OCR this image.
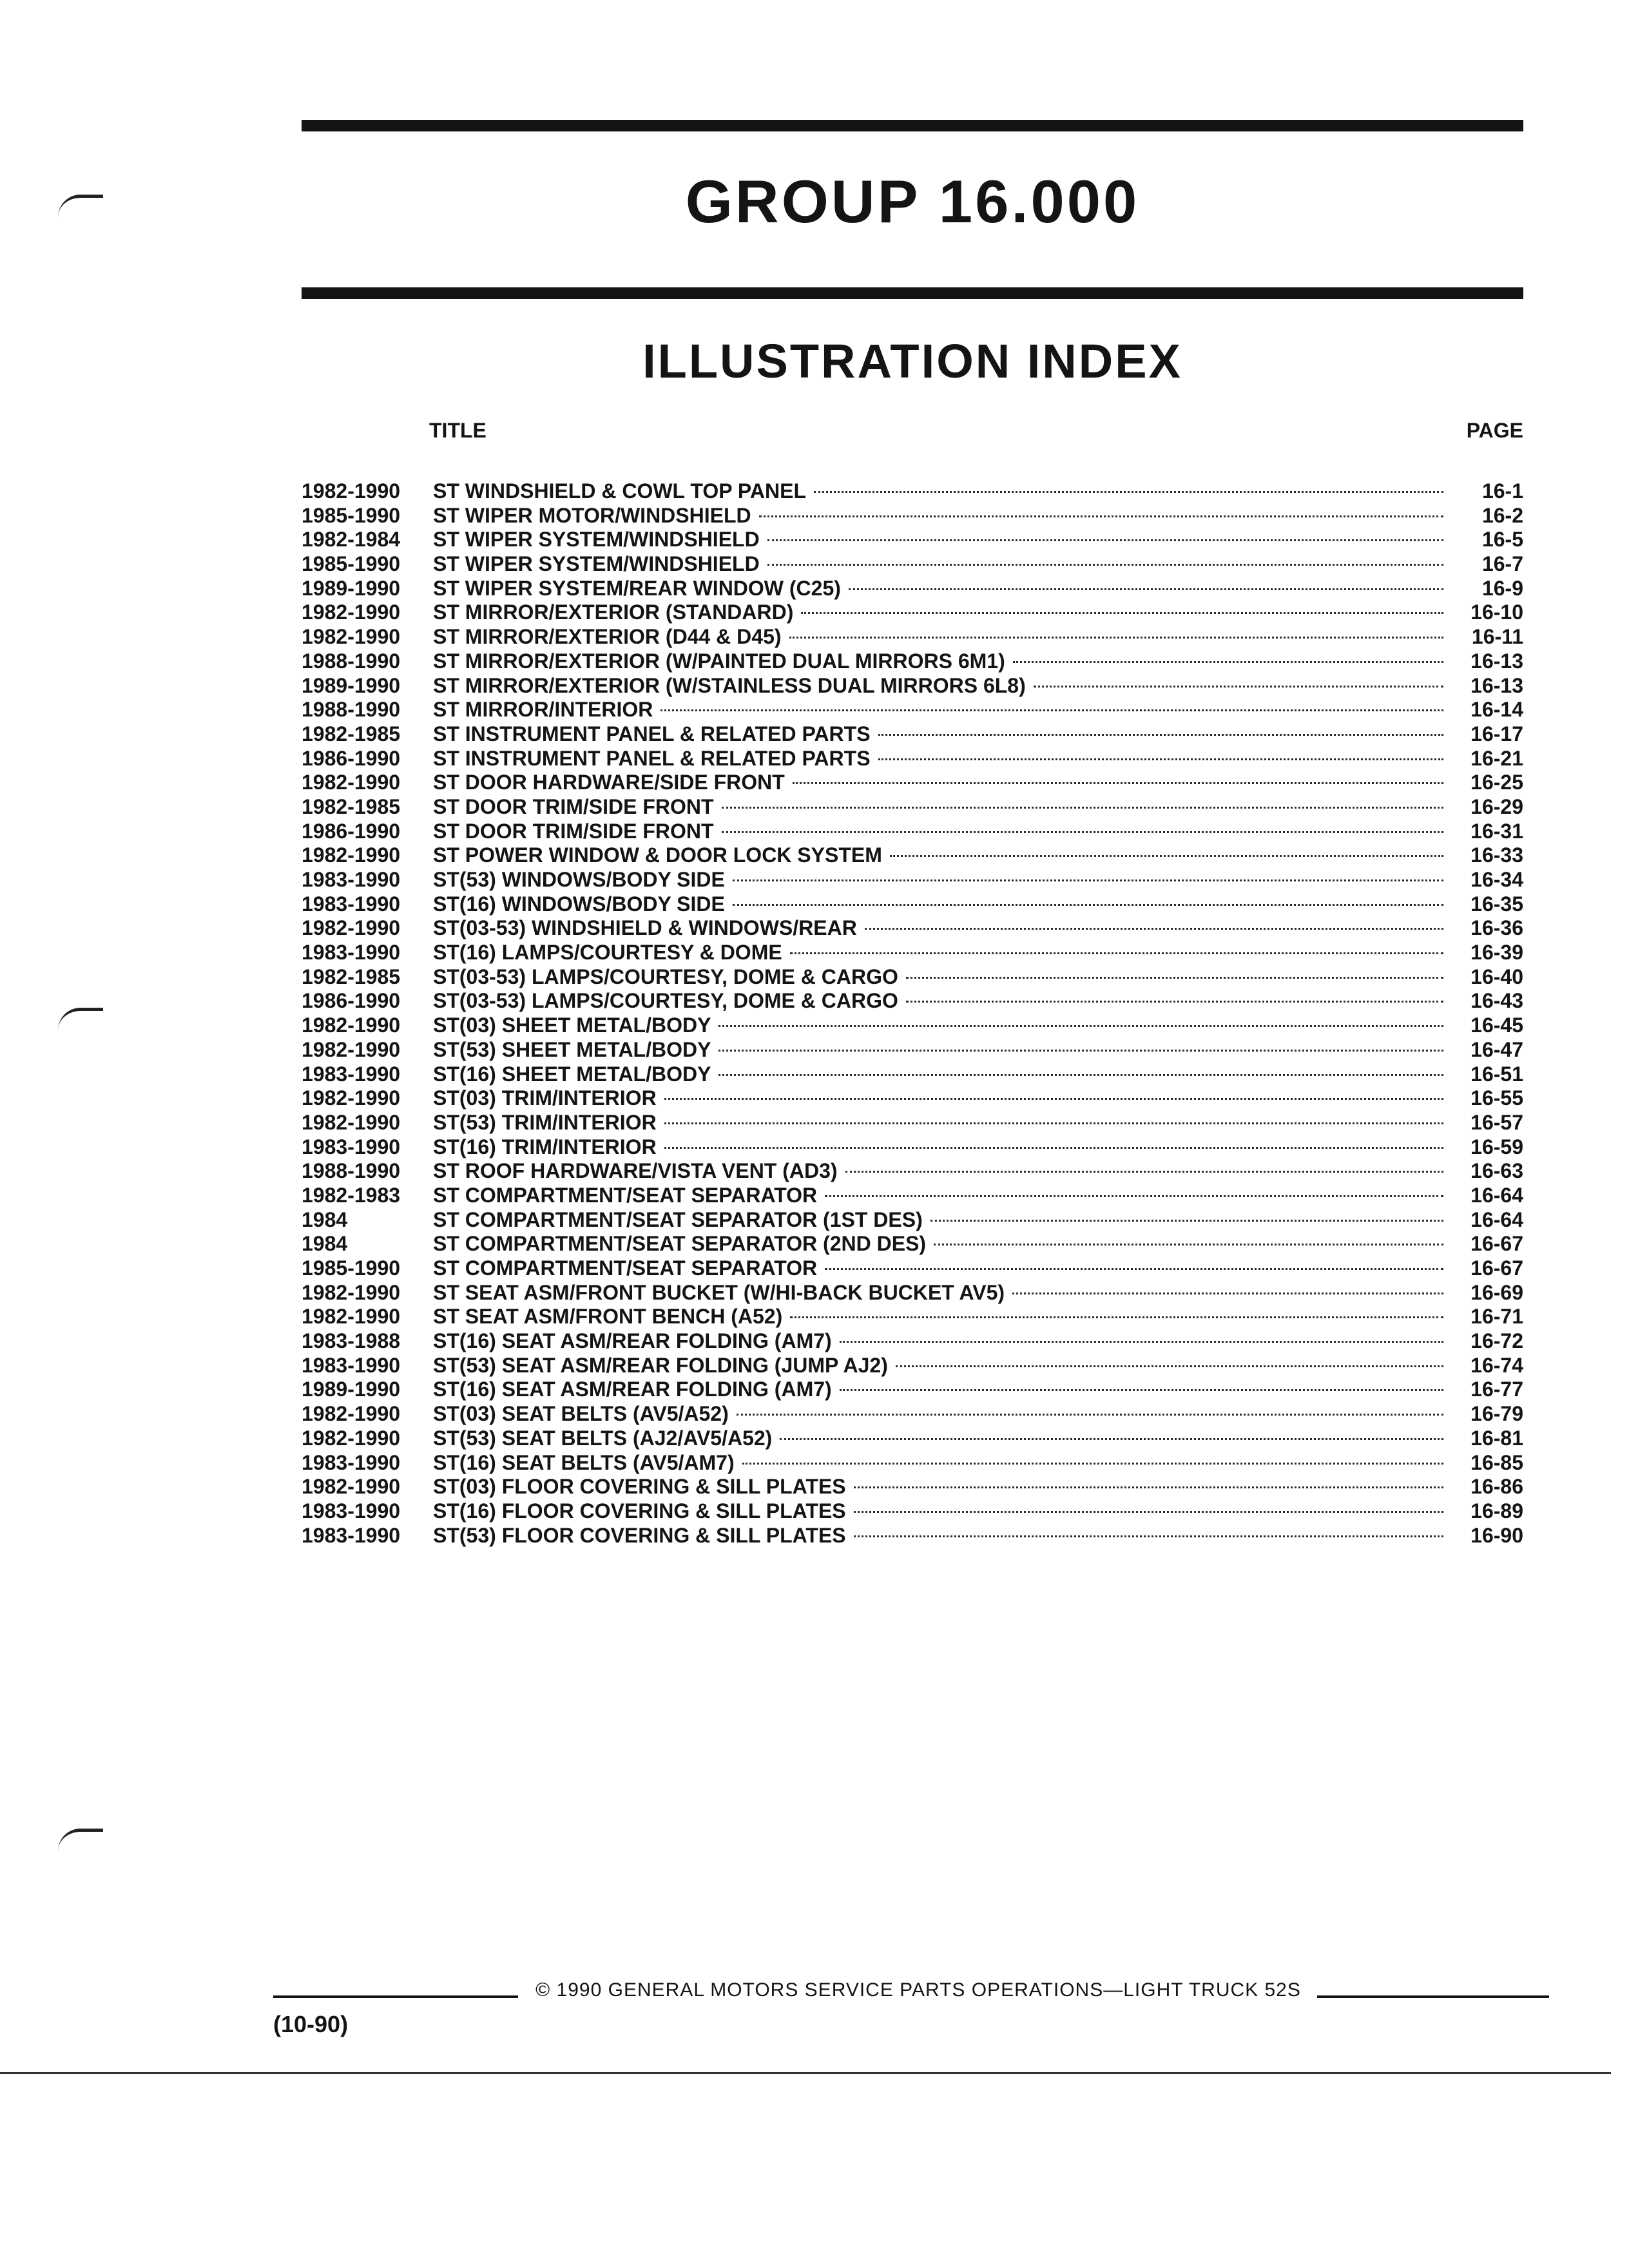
GROUP 16.000
ILLUSTRATION INDEX
TITLE	PAGE
1982-1990	ST WINDSHIELD & COWL TOP PANEL	16-1
1985-1990	ST WIPER MOTOR/WINDSHIELD	16-2
1982-1984	ST WIPER SYSTEM/WINDSHIELD	16-5
1985-1990	ST WIPER SYSTEM/WINDSHIELD	16-7
1989-1990	ST WIPER SYSTEM/REAR WINDOW (C25)	16-9
1982-1990	ST MIRROR/EXTERIOR (STANDARD)	16-10
1982-1990	ST MIRROR/EXTERIOR (D44 & D45)	16-11
1988-1990	ST MIRROR/EXTERIOR (W/PAINTED DUAL MIRRORS 6M1)	16-13
1989-1990	ST MIRROR/EXTERIOR (W/STAINLESS DUAL MIRRORS 6L8)	16-13
1988-1990	ST MIRROR/INTERIOR	16-14
1982-1985	ST INSTRUMENT PANEL & RELATED PARTS	16-17
1986-1990	ST INSTRUMENT PANEL & RELATED PARTS	16-21
1982-1990	ST DOOR HARDWARE/SIDE FRONT	16-25
1982-1985	ST DOOR TRIM/SIDE FRONT	16-29
1986-1990	ST DOOR TRIM/SIDE FRONT	16-31
1982-1990	ST POWER WINDOW & DOOR LOCK SYSTEM	16-33
1983-1990	ST(53) WINDOWS/BODY SIDE	16-34
1983-1990	ST(16) WINDOWS/BODY SIDE	16-35
1982-1990	ST(03-53) WINDSHIELD & WINDOWS/REAR	16-36
1983-1990	ST(16) LAMPS/COURTESY & DOME	16-39
1982-1985	ST(03-53) LAMPS/COURTESY, DOME & CARGO	16-40
1986-1990	ST(03-53) LAMPS/COURTESY, DOME & CARGO	16-43
1982-1990	ST(03) SHEET METAL/BODY	16-45
1982-1990	ST(53) SHEET METAL/BODY	16-47
1983-1990	ST(16) SHEET METAL/BODY	16-51
1982-1990	ST(03) TRIM/INTERIOR	16-55
1982-1990	ST(53) TRIM/INTERIOR	16-57
1983-1990	ST(16) TRIM/INTERIOR	16-59
1988-1990	ST ROOF HARDWARE/VISTA VENT (AD3)	16-63
1982-1983	ST COMPARTMENT/SEAT SEPARATOR	16-64
1984	ST COMPARTMENT/SEAT SEPARATOR (1ST DES)	16-64
1984	ST COMPARTMENT/SEAT SEPARATOR (2ND DES)	16-67
1985-1990	ST COMPARTMENT/SEAT SEPARATOR	16-67
1982-1990	ST SEAT ASM/FRONT BUCKET (W/HI-BACK BUCKET AV5)	16-69
1982-1990	ST SEAT ASM/FRONT BENCH (A52)	16-71
1983-1988	ST(16) SEAT ASM/REAR FOLDING (AM7)	16-72
1983-1990	ST(53) SEAT ASM/REAR FOLDING (JUMP AJ2)	16-74
1989-1990	ST(16) SEAT ASM/REAR FOLDING (AM7)	16-77
1982-1990	ST(03) SEAT BELTS (AV5/A52)	16-79
1982-1990	ST(53) SEAT BELTS (AJ2/AV5/A52)	16-81
1983-1990	ST(16) SEAT BELTS (AV5/AM7)	16-85
1982-1990	ST(03) FLOOR COVERING & SILL PLATES	16-86
1983-1990	ST(16) FLOOR COVERING & SILL PLATES	16-89
1983-1990	ST(53) FLOOR COVERING & SILL PLATES	16-90
© 1990 GENERAL MOTORS SERVICE PARTS OPERATIONS—LIGHT TRUCK 52S
(10-90)
